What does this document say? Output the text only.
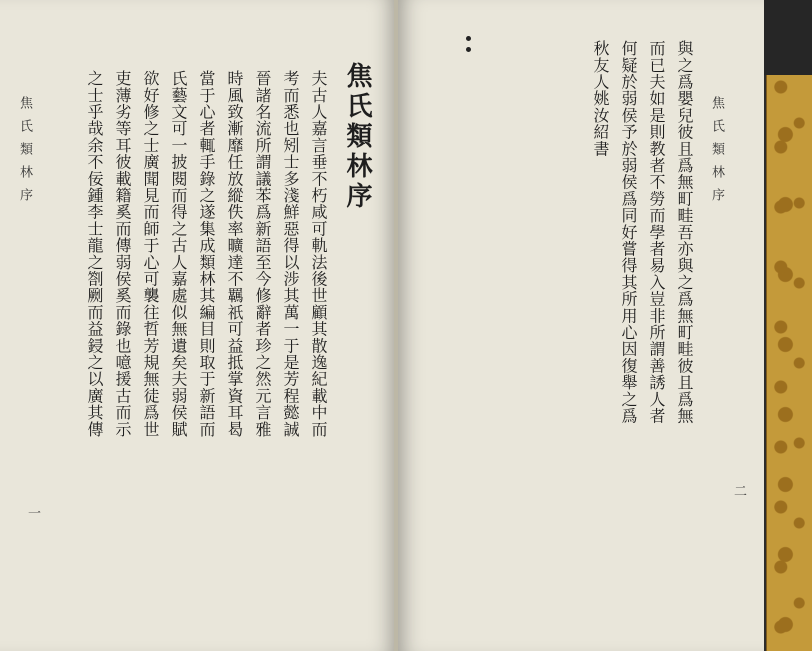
焦氏類林序
一
焦氏類林序
夫古人嘉言垂不朽咸可軌法後世顧其散逸紀載中而
考而悉也矧士多淺鮮惡得以涉其萬一于是芳程懿誠
晉諸名流所謂議苯爲新語至今修辭者珍之然元言雅
時風致漸靡任放縱佚率曠達不羈祇可益抵掌資耳曷
當于心者輒手錄之遂集成類林其編目則取于新語而
氏藝文可一披閱而得之古人嘉處似無遺矣夫弱侯賦
欲好修之士廣聞見而師于心可襲往哲芳規無徒爲世
吏薄劣等耳彼載籍奚而傳弱侯奚而錄也噫援古而示
之士乎哉余不佞鍾李士龍之劄劂而益鋟之以廣其傳	與之爲嬰兒彼且爲無町畦吾亦與之爲無町畦彼且爲無
而已夫如是則教者不勞而學者易入豈非所謂善誘人者
何疑於弱侯予於弱侯爲同好嘗得其所用心因復舉之爲
秋友人姚汝紹書	焦氏類林序
二
